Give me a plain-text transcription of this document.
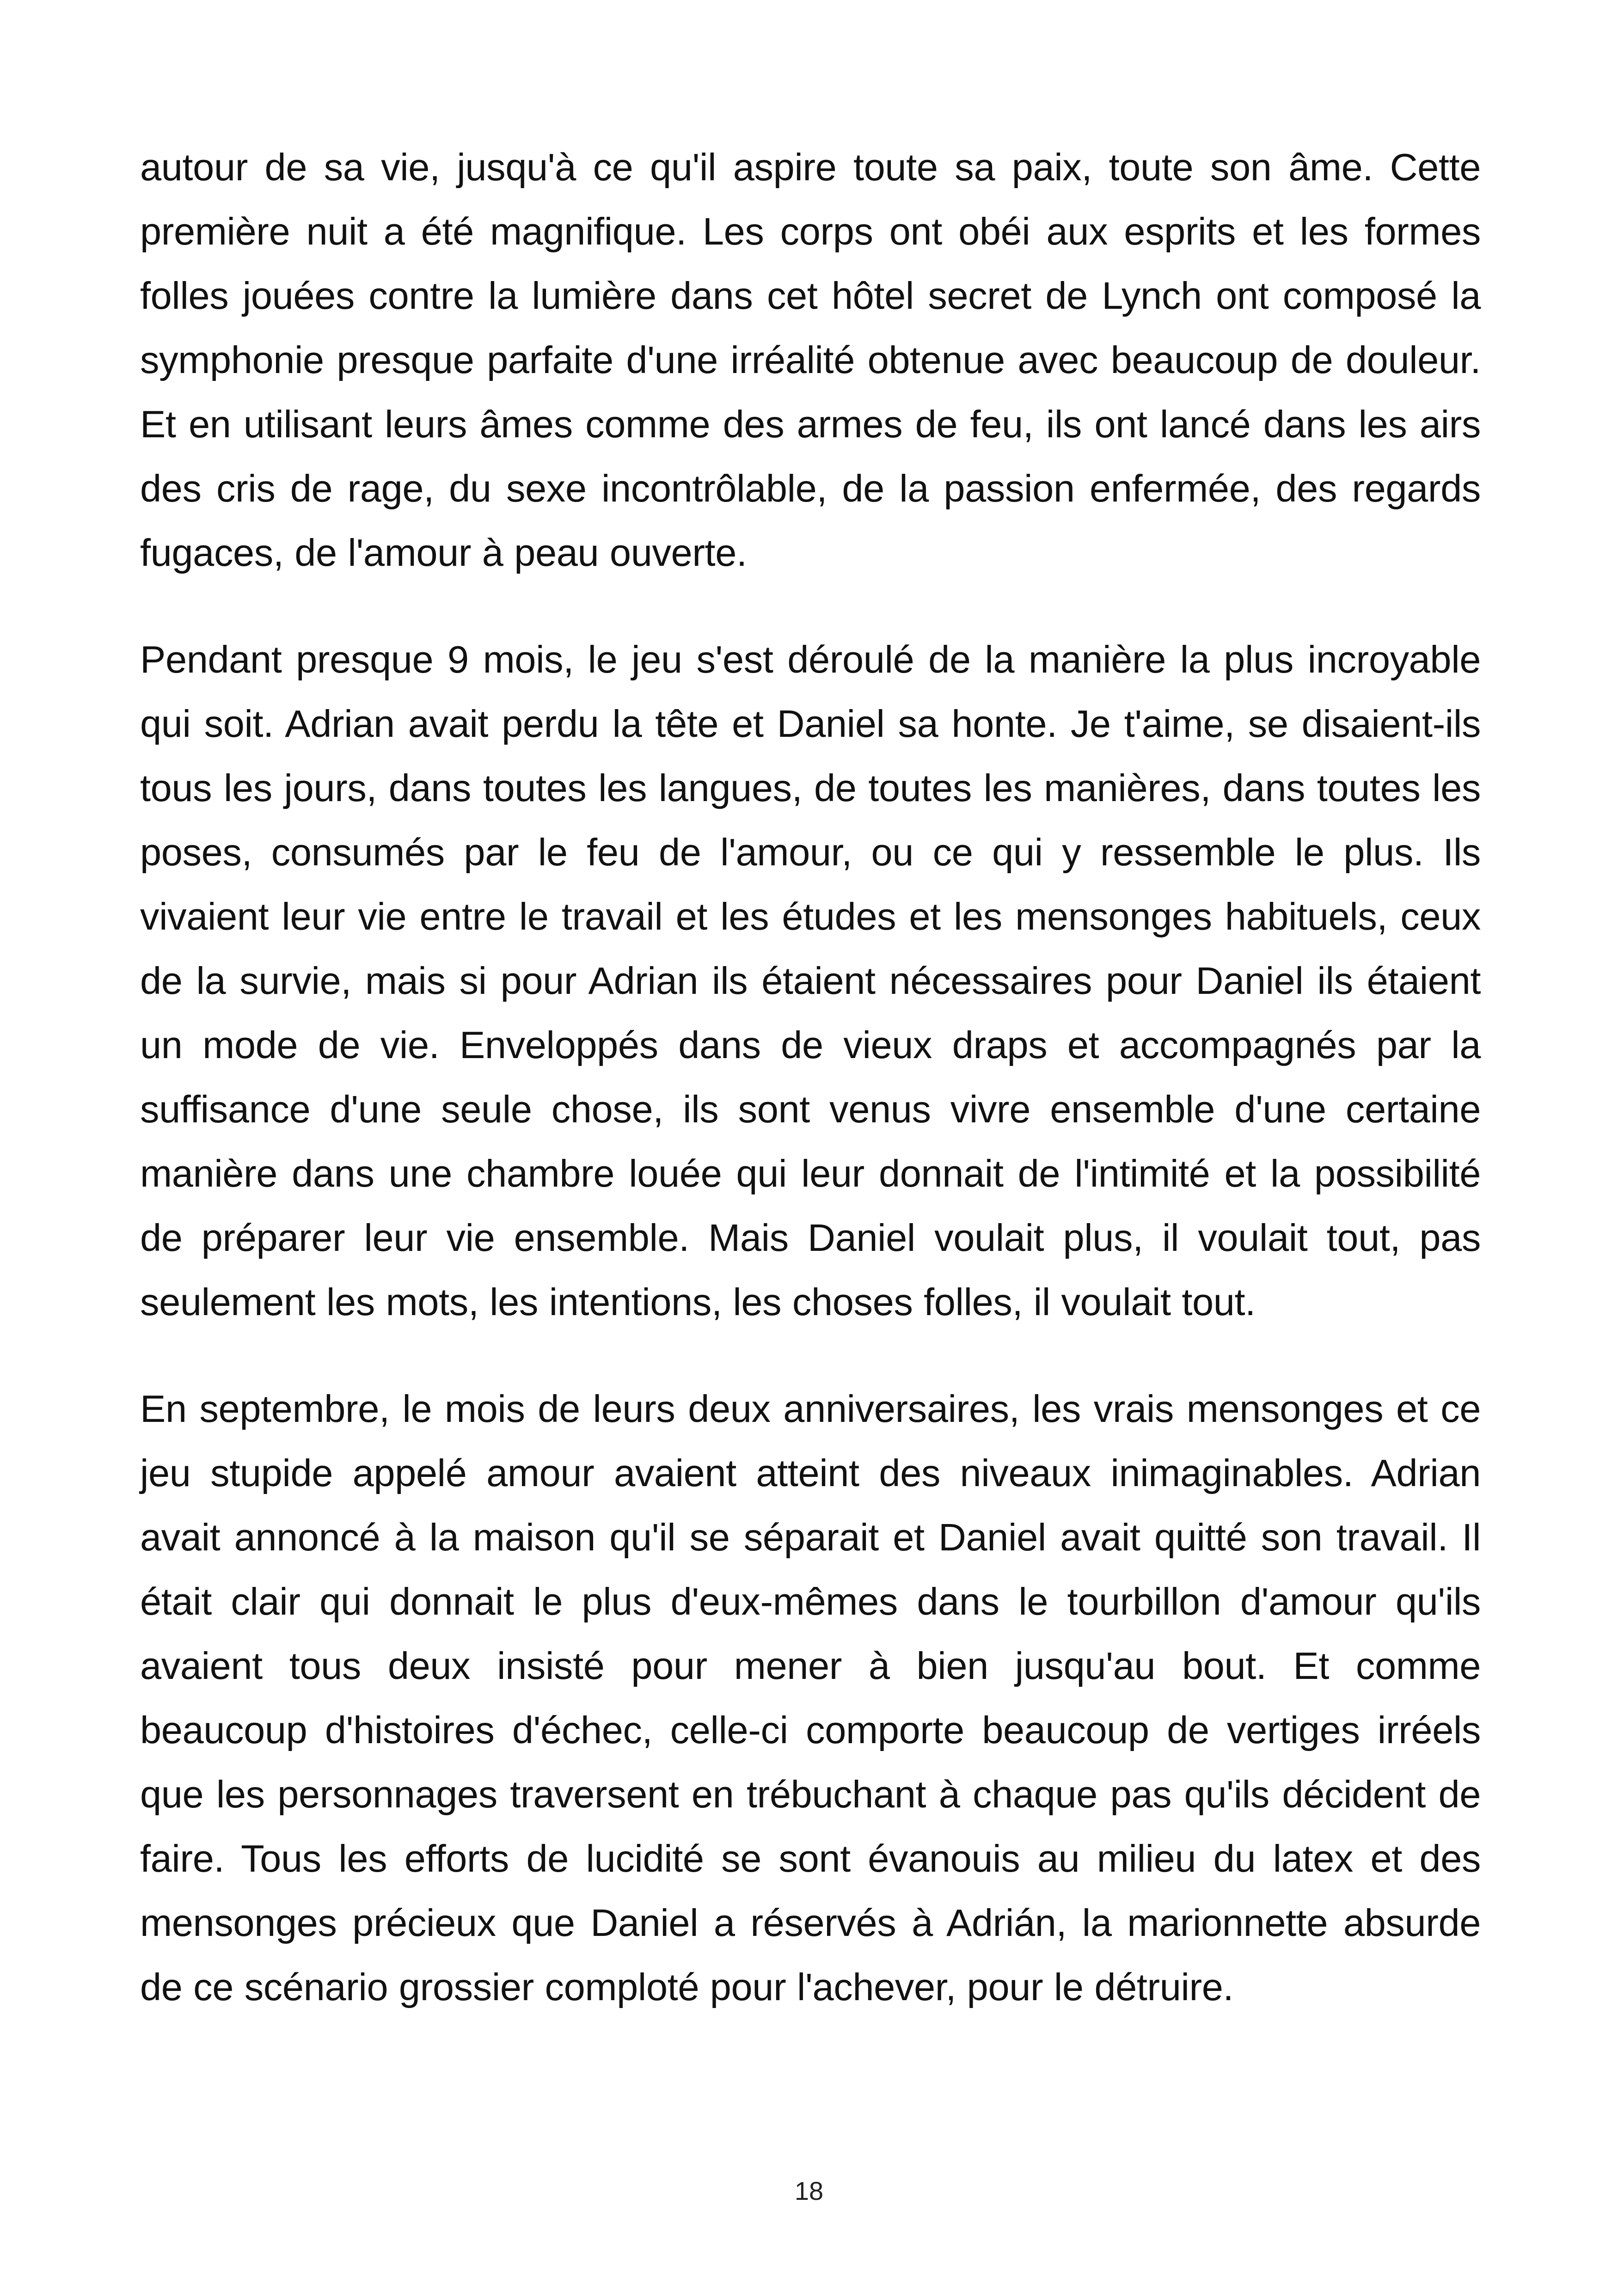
autour de sa vie, jusqu'à ce qu'il aspire toute sa paix, toute son âme. Cette première nuit a été magnifique. Les corps ont obéi aux esprits et les formes folles jouées contre la lumière dans cet hôtel secret de Lynch ont composé la symphonie presque parfaite d'une irréalité obtenue avec beaucoup de douleur. Et en utilisant leurs âmes comme des armes de feu, ils ont lancé dans les airs des cris de rage, du sexe incontrôlable, de la passion enfermée, des regards fugaces, de l'amour à peau ouverte.

Pendant presque 9 mois, le jeu s'est déroulé de la manière la plus incroyable qui soit. Adrian avait perdu la tête et Daniel sa honte. Je t'aime, se disaient-ils tous les jours, dans toutes les langues, de toutes les manières, dans toutes les poses, consumés par le feu de l'amour, ou ce qui y ressemble le plus. Ils vivaient leur vie entre le travail et les études et les mensonges habituels, ceux de la survie, mais si pour Adrian ils étaient nécessaires pour Daniel ils étaient un mode de vie. Enveloppés dans de vieux draps et accompagnés par la suffisance d'une seule chose, ils sont venus vivre ensemble d'une certaine manière dans une chambre louée qui leur donnait de l'intimité et la possibilité de préparer leur vie ensemble. Mais Daniel voulait plus, il voulait tout, pas seulement les mots, les intentions, les choses folles, il voulait tout.

En septembre, le mois de leurs deux anniversaires, les vrais mensonges et ce jeu stupide appelé amour avaient atteint des niveaux inimaginables. Adrian avait annoncé à la maison qu'il se séparait et Daniel avait quitté son travail. Il était clair qui donnait le plus d'eux-mêmes dans le tourbillon d'amour qu'ils avaient tous deux insisté pour mener à bien jusqu'au bout. Et comme beaucoup d'histoires d'échec, celle-ci comporte beaucoup de vertiges irréels que les personnages traversent en trébuchant à chaque pas qu'ils décident de faire. Tous les efforts de lucidité se sont évanouis au milieu du latex et des mensonges précieux que Daniel a réservés à Adrián, la marionnette absurde de ce scénario grossier comploté pour l'achever, pour le détruire.

18
